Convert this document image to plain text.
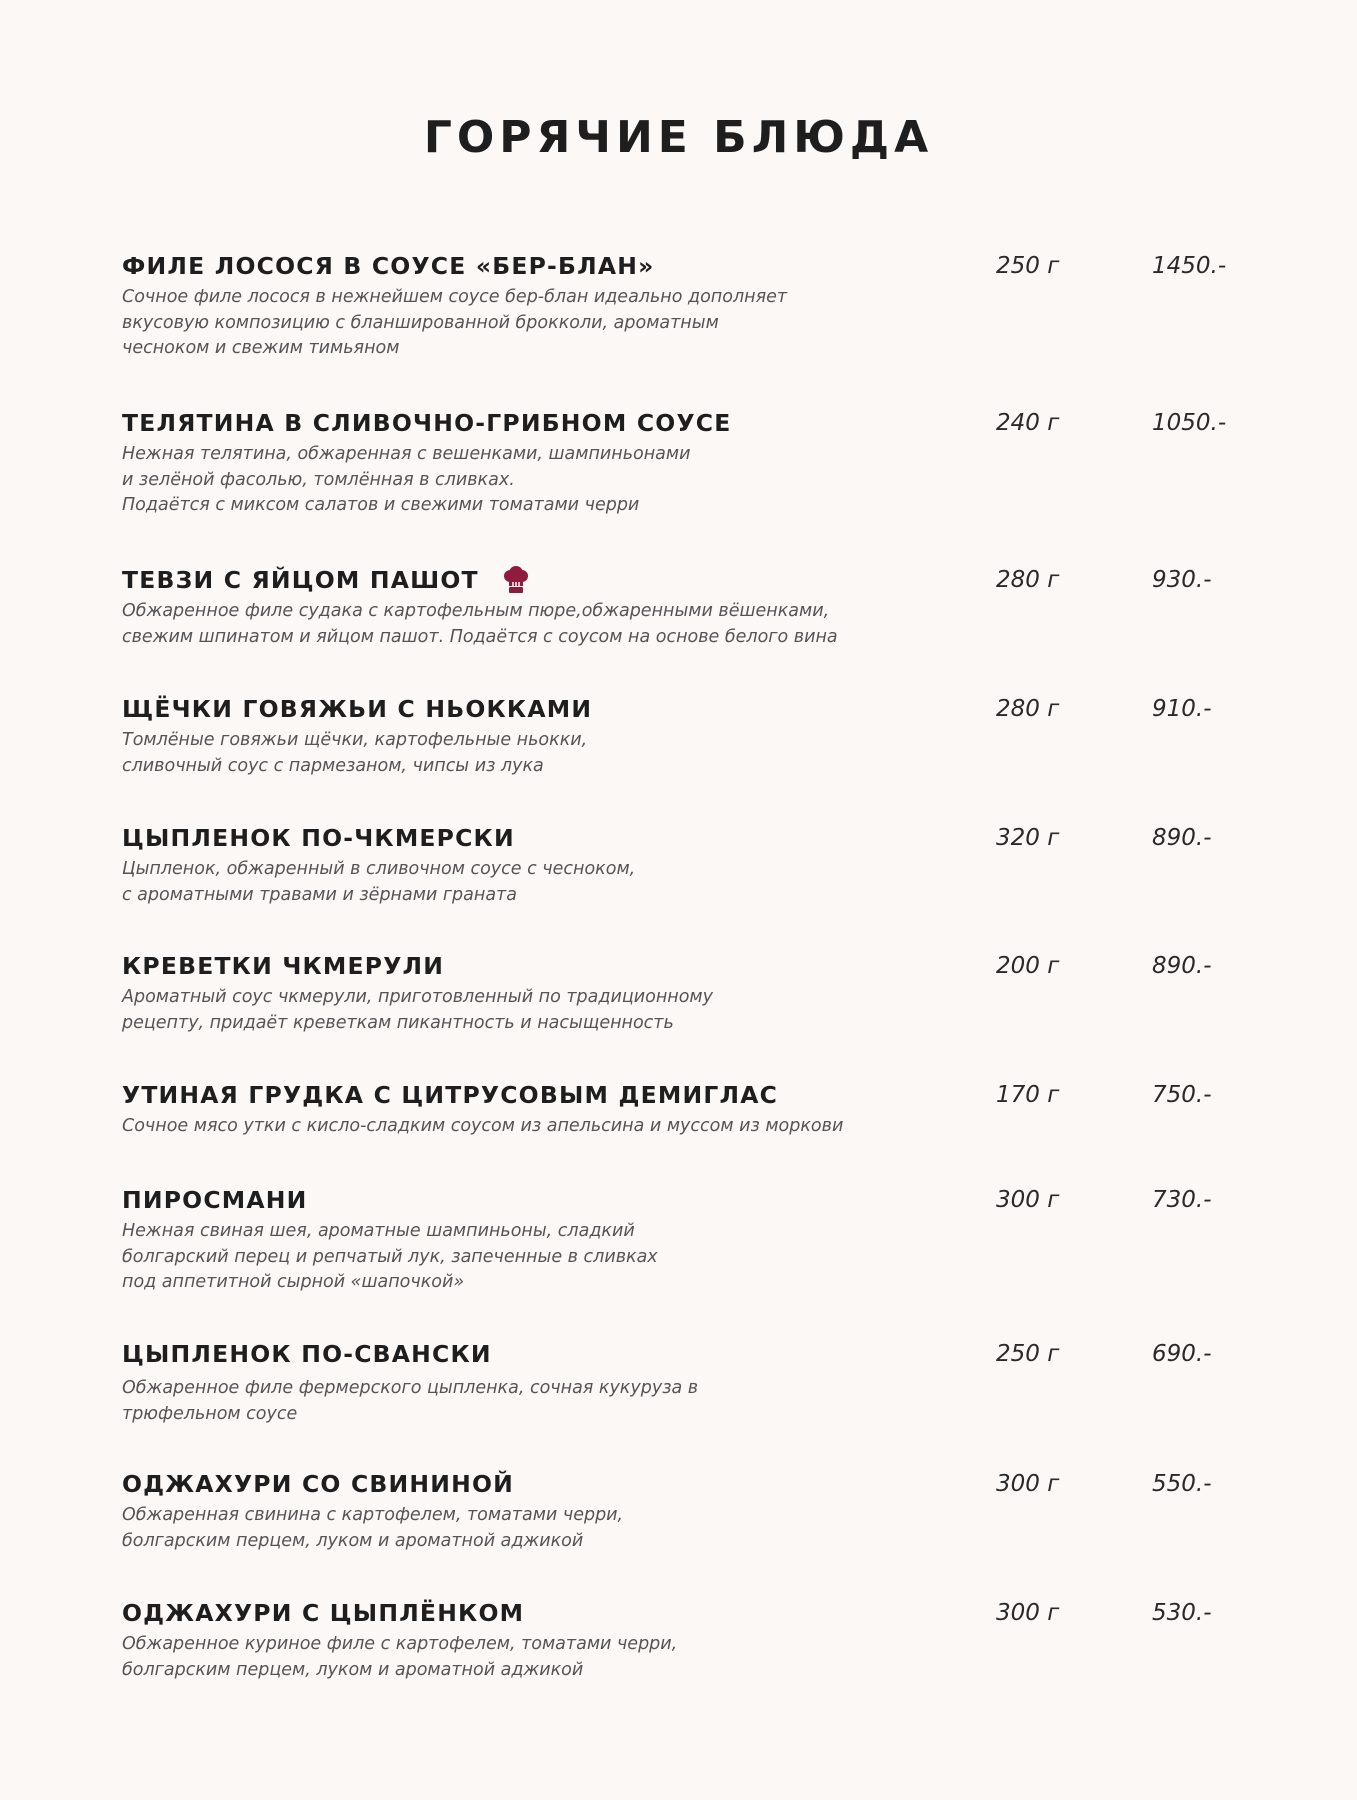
ГОРЯЧИЕ БЛЮДА
ФИЛЕ ЛОСОСЯ В СОУСЕ «БЕР-БЛАН»	250 г	1450.-
Сочное филе лосося в нежнейшем соусе бер-блан идеально дополняет
вкусовую композицию с бланшированной брокколи, ароматным
чесноком и свежим тимьяном
ТЕЛЯТИНА В СЛИВОЧНО-ГРИБНОМ СОУСЕ	240 г	1050.-
Нежная телятина, обжаренная с вешенками, шампиньонами
и зелёной фасолью, томлённая в сливках.
Подаётся с миксом салатов и свежими томатами черри
ТЕВЗИ С ЯЙЦОМ ПАШОТ	280 г	930.-
Обжаренное филе судака с картофельным пюре,обжаренными вёшенками,
свежим шпинатом и яйцом пашот. Подаётся с соусом на основе белого вина
ЩЁЧКИ ГОВЯЖЬИ С НЬОККАМИ	280 г	910.-
Томлёные говяжьи щёчки, картофельные ньокки,
сливочный соус с пармезаном, чипсы из лука
ЦЫПЛЕНОК ПО-ЧКМЕРСКИ	320 г	890.-
Цыпленок, обжаренный в сливочном соусе с чесноком,
с ароматными травами и зёрнами граната
КРЕВЕТКИ ЧКМЕРУЛИ	200 г	890.-
Ароматный соус чкмерули, приготовленный по традиционному
рецепту, придаёт креветкам пикантность и насыщенность
УТИНАЯ ГРУДКА С ЦИТРУСОВЫМ ДЕМИГЛАС	170 г	750.-
Сочное мясо утки с кисло-сладким соусом из апельсина и муссом из моркови
ПИРОСМАНИ	300 г	730.-
Нежная свиная шея, ароматные шампиньоны, сладкий
болгарский перец и репчатый лук, запеченные в сливках
под аппетитной сырной «шапочкой»
ЦЫПЛЕНОК ПО-СВАНСКИ	250 г	690.-
Обжаренное филе фермерского цыпленка, сочная кукуруза в
трюфельном соусе
ОДЖАХУРИ СО СВИНИНОЙ	300 г	550.-
Обжаренная свинина с картофелем, томатами черри,
болгарским перцем, луком и ароматной аджикой
ОДЖАХУРИ С ЦЫПЛЁНКОМ	300 г	530.-
Обжаренное куриное филе с картофелем, томатами черри,
болгарским перцем, луком и ароматной аджикой
